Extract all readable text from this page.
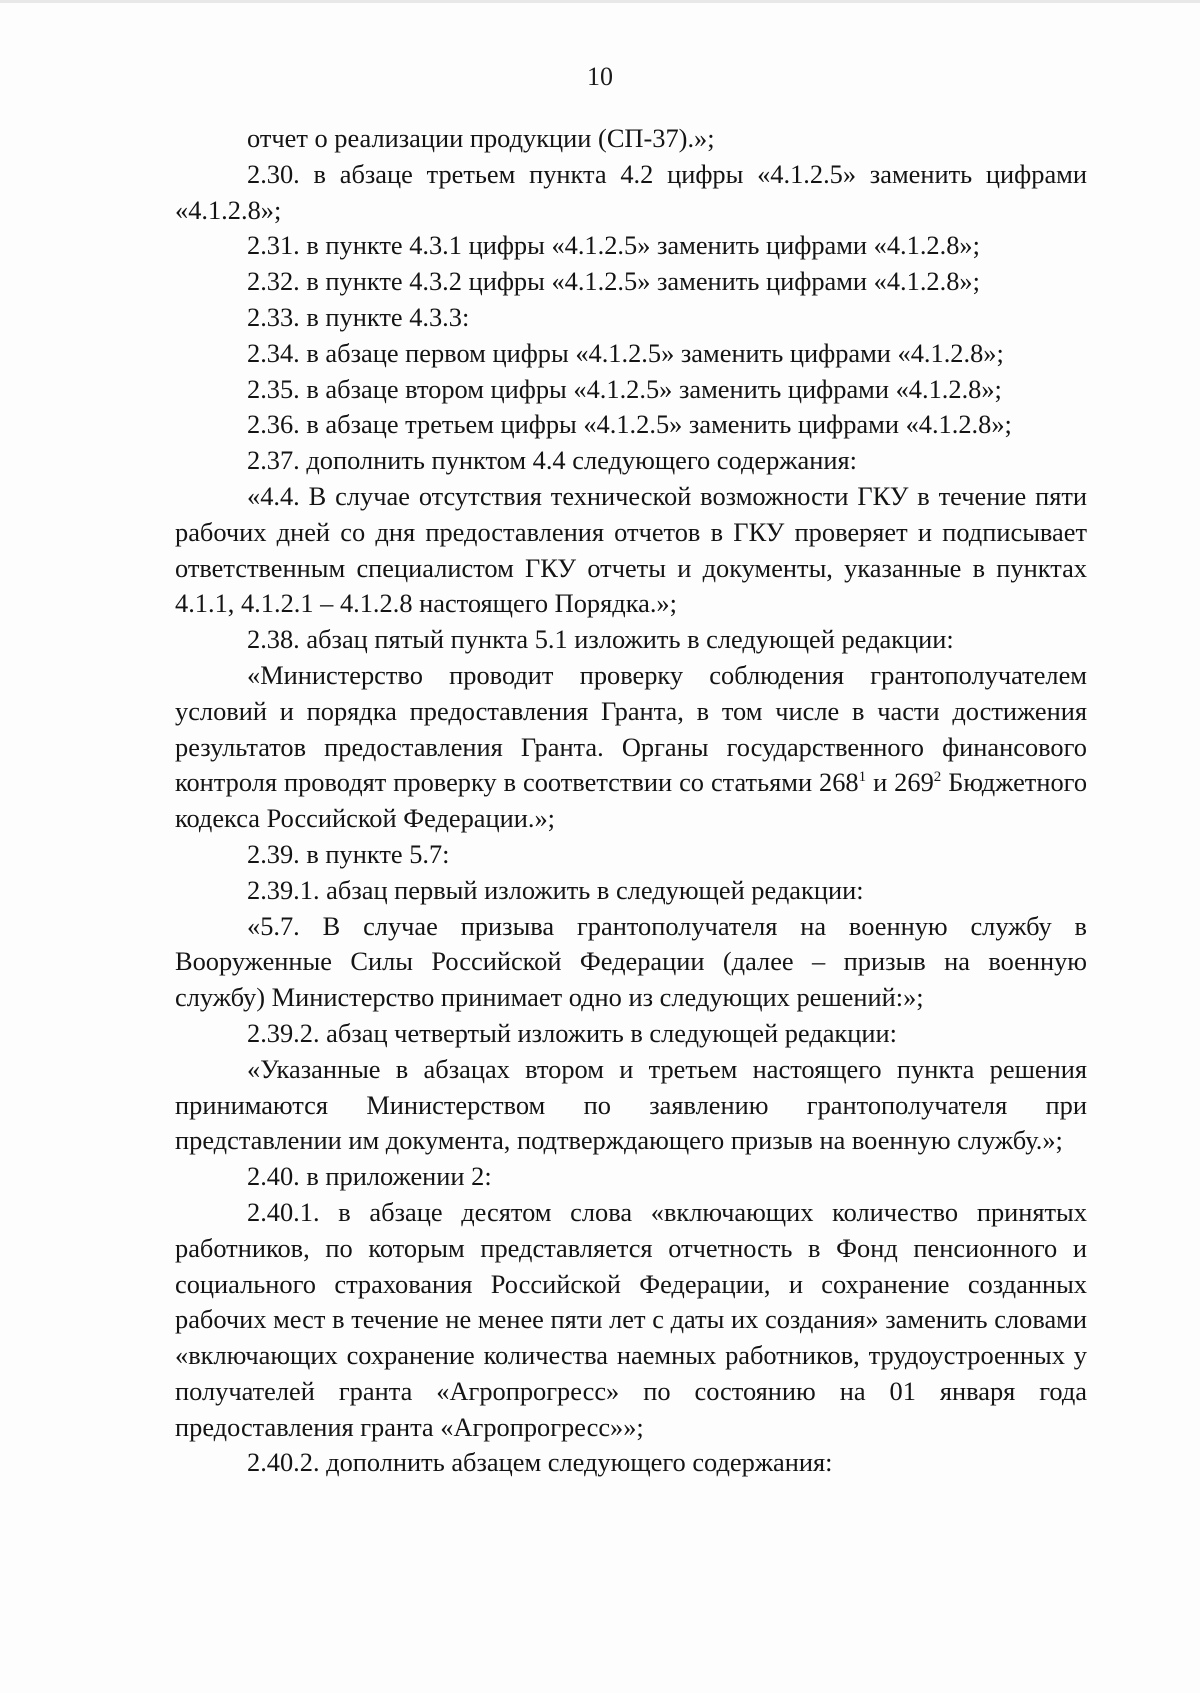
10

отчет о реализации продукции (СП-37).»;

2.30. в абзаце третьем пункта 4.2 цифры «4.1.2.5» заменить цифрами «4.1.2.8»;

2.31. в пункте 4.3.1 цифры «4.1.2.5» заменить цифрами «4.1.2.8»;

2.32. в пункте 4.3.2 цифры «4.1.2.5» заменить цифрами «4.1.2.8»;

2.33. в пункте 4.3.3:

2.34. в абзаце первом цифры «4.1.2.5» заменить цифрами «4.1.2.8»;

2.35. в абзаце втором цифры «4.1.2.5» заменить цифрами «4.1.2.8»;

2.36. в абзаце третьем цифры «4.1.2.5» заменить цифрами «4.1.2.8»;

2.37. дополнить пунктом 4.4 следующего содержания:

«4.4. В случае отсутствия технической возможности ГКУ в течение пяти рабочих дней со дня предоставления отчетов в ГКУ проверяет и подписывает ответственным специалистом ГКУ отчеты и документы, указанные в пунктах 4.1.1, 4.1.2.1 – 4.1.2.8 настоящего Порядка.»;

2.38. абзац пятый пункта 5.1 изложить в следующей редакции:

«Министерство проводит проверку соблюдения грантополучателем условий и порядка предоставления Гранта, в том числе в части достижения результатов предоставления Гранта. Органы государственного финансового контроля проводят проверку в соответствии со статьями $268^1$ и $269^2$ Бюджетного кодекса Российской Федерации.»;

2.39. в пункте 5.7:

2.39.1. абзац первый изложить в следующей редакции:

«5.7. В случае призыва грантополучателя на военную службу в Вооруженные Силы Российской Федерации (далее – призыв на военную службу) Министерство принимает одно из следующих решений:»;

2.39.2. абзац четвертый изложить в следующей редакции:

«Указанные в абзацах втором и третьем настоящего пункта решения принимаются Министерством по заявлению грантополучателя при представлении им документа, подтверждающего призыв на военную службу.»;

2.40. в приложении 2:

2.40.1. в абзаце десятом слова «включающих количество принятых работников, по которым представляется отчетность в Фонд пенсионного и социального страхования Российской Федерации, и сохранение созданных рабочих мест в течение не менее пяти лет с даты их создания» заменить словами «включающих сохранение количества наемных работников, трудоустроенных у получателей гранта «Агропрогресс» по состоянию на 01 января года предоставления гранта «Агропрогресс»»;

2.40.2. дополнить абзацем следующего содержания:
